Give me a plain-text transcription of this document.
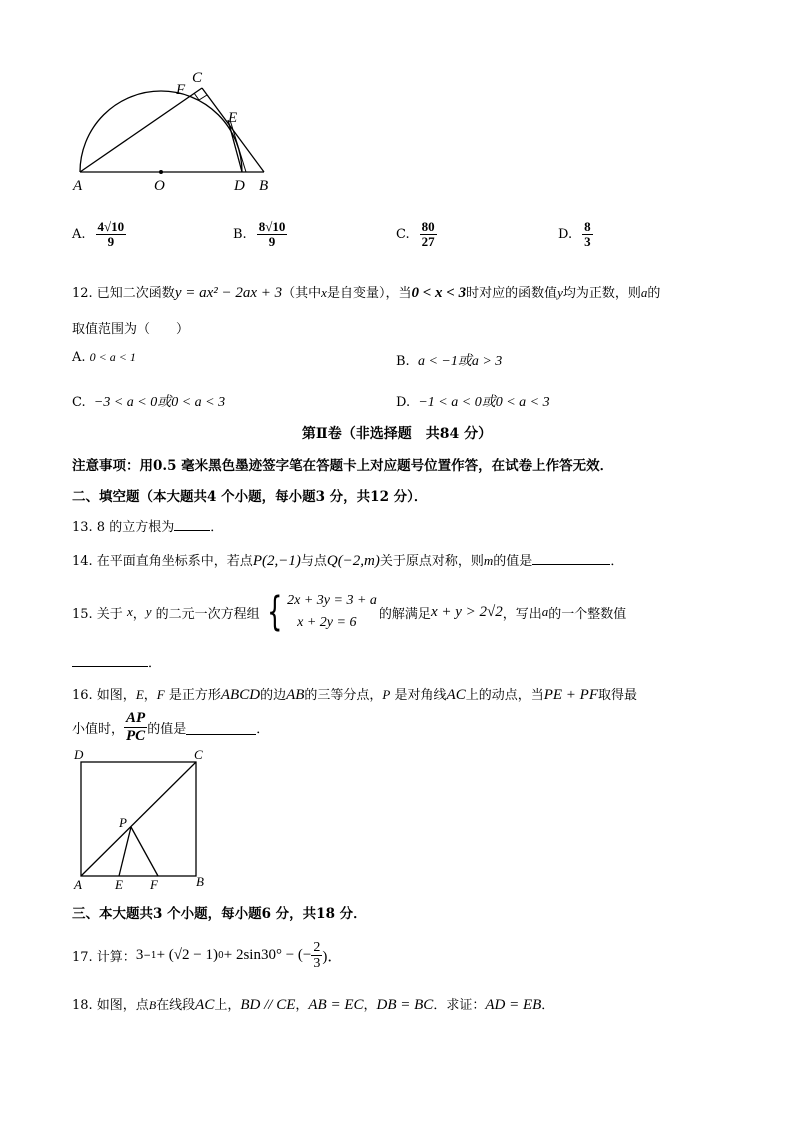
A	O	D B
C
F
E
A. $\frac{4√10}{9}$	B. $\frac{8√10}{9}$	C. $\frac{80}{27}$	D. $\frac{8}{3}$
12. 已知二次函数y = ax² − 2ax + 3（其中x是自变量），当0 < x < 3时对应的函数值y均为正数，则a的
取值范围为（　　）
A. 0 < a < 1	B. a < −1或a > 3
C. −3 < a < 0或0 < a < 3	D. −1 < a < 0或0 < a < 3
第Ⅱ卷（非选择题　共84 分）
注意事项：用0.5 毫米黑色墨迹签字笔在答题卡上对应题号位置作答，在试卷上作答无效．
二、填空题（本大题共4 个小题，每小题3 分，共12 分）．
13. 8 的立方根为	．
14. 在平面直角坐标系中，若点P(2,−1)与点Q(−2,m)关于原点对称，则m的值是	．
15. 关于
x ， y
的二元一次方程组 { 2x + 3y = 3 + a
x + 2y = 6
的解满足 x + y > 2√2 ，写出 a 的一个整数值
．
16. 如图，E，F 是正方形ABCD的边AB的三等分点，P 是对角线AC上的动点，当PE + PF取得最
小值时， $\frac{AP}{PC}$ 的值是	．
D	C
P
A	E F	B
三、本大题共3 个小题，每小题6 分，共18 分．
17. 计算： 3 −1 + (√2 − 1) 0 + 2sin30° − (− $\frac{2}{3}$ )．
18. 如图，点B在线段AC上，BD // CE，AB = EC，DB = BC．求证：AD = EB．
